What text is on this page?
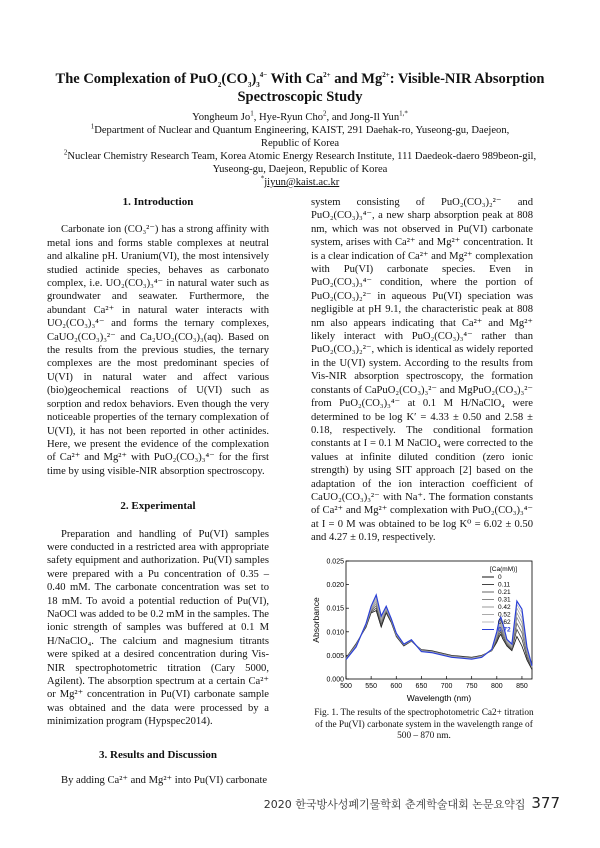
The Complexation of $PuO_2(CO_3)_3^{4-}$ With $Ca^{2+}$ and $Mg^{2+}$: Visible-NIR Absorption
Spectroscopic Study
Yongheum Jo$^1$, Hye-Ryun Cho$^2$, and Jong-Il Yun$^{1,*}$
$^1$Department of Nuclear and Quantum Engineering, KAIST, 291 Daehak-ro, Yuseong-gu, Daejeon,
Republic of Korea
$^2$Nuclear Chemistry Research Team, Korea Atomic Energy Research Institute, 111 Daedeok-daero 989beon-gil,
Yuseong-gu, Daejeon, Republic of Korea
*jiyun@kaist.ac.kr
1. Introduction

Carbonate ion (CO₃²⁻) has a strong affinity with metal ions and forms stable complexes at neutral and alkaline pH. Uranium(VI), the most intensively studied actinide species, behaves as carbonato complex, i.e. UO₂(CO₃)₃⁴⁻ in natural water such as groundwater and seawater. Furthermore, the abundant Ca²⁺ in natural water interacts with UO₂(CO₃)₃⁴⁻ and forms the ternary complexes, CaUO₂(CO₃)₃²⁻ and Ca₂UO₂(CO₃)₃(aq). Based on the results from the previous studies, the ternary complexes are the most predominant species of U(VI) in natural water and affect various (bio)geochemical reactions of U(VI) such as sorption and redox behaviors. Even though the very noticeable properties of the ternary complexation of U(VI), it has not been reported in other actinides. Here, we present the evidence of the complexation of Ca²⁺ and Mg²⁺ with PuO₂(CO₃)₃⁴⁻ for the first time by using visible-NIR absorption spectroscopy.

2. Experimental

Preparation and handling of Pu(VI) samples were conducted in a restricted area with appropriate safety equipment and authorization. Pu(VI) samples were prepared with a Pu concentration of 0.35 – 0.40 mM. The carbonate concentration was set to 18 mM. To avoid a potential reduction of Pu(VI), NaOCl was added to be 0.2 mM in the samples. The ionic strength of samples was buffered at 0.1 M H/NaClO₄. The calcium and magnesium titrants were spiked at a desired concentration during Vis-NIR spectrophotometric titration (Cary 5000, Agilent). The absorption spectrum at a certain Ca²⁺ or Mg²⁺ concentration in Pu(VI) carbonate sample was obtained and the data were processed by a minimization program (Hypspec2014).

3. Results and Discussion

By adding Ca²⁺ and Mg²⁺ into Pu(VI) carbonate

system consisting of PuO₂(CO₃)₂²⁻ and PuO₂(CO₃)₃⁴⁻, a new sharp absorption peak at 808 nm, which was not observed in Pu(VI) carbonate system, arises with Ca²⁺ and Mg²⁺ concentration. It is a clear indication of Ca²⁺ and Mg²⁺ complexation with Pu(VI) carbonate species. Even in PuO₂(CO₃)₃⁴⁻ condition, where the portion of PuO₂(CO₃)₂²⁻ in aqueous Pu(VI) speciation was negligible at pH 9.1, the characteristic peak at 808 nm also appears indicating that Ca²⁺ and Mg²⁺ likely interact with PuO₂(CO₃)₃⁴⁻ rather than PuO₂(CO₃)₂²⁻, which is identical as widely reported in the U(VI) system. According to the results from Vis-NIR absorption spectroscopy, the formation constants of CaPuO₂(CO₃)₃²⁻ and MgPuO₂(CO₃)₃²⁻ from PuO₂(CO₃)₃⁴⁻ at 0.1 M H/NaClO₄ were determined to be log K′ = 4.33 ± 0.50 and 2.58 ± 0.18, respectively. The conditional formation constants at I = 0.1 M NaClO₄ were corrected to the values at infinite diluted condition (zero ionic strength) by using SIT approach [2] based on the adaptation of the ion interaction coefficient of CaUO₂(CO₃)₃²⁻ with Na⁺. The formation constants of Ca²⁺ and Mg²⁺ complexation with PuO₂(CO₃)₃⁴⁻ at I = 0 M was obtained to be log K⁰ = 6.02 ± 0.50 and 4.27 ± 0.19, respectively.

500 550 600 650 700 750 800 850
0.000
0.005
0.010
0.015
0.020
0.025
Wavelength (nm)
Absorbance
[Ca(mM)]
0
0.11
0.21
0.31
0.42
0.52
0.62
0.72
Fig. 1. The results of the spectrophotometric Ca2+ titration of the Pu(VI) carbonate system in the wavelength range of 500 – 870 nm.
2020 한국방사성폐기물학회 춘계학술대회 논문요약집 377
